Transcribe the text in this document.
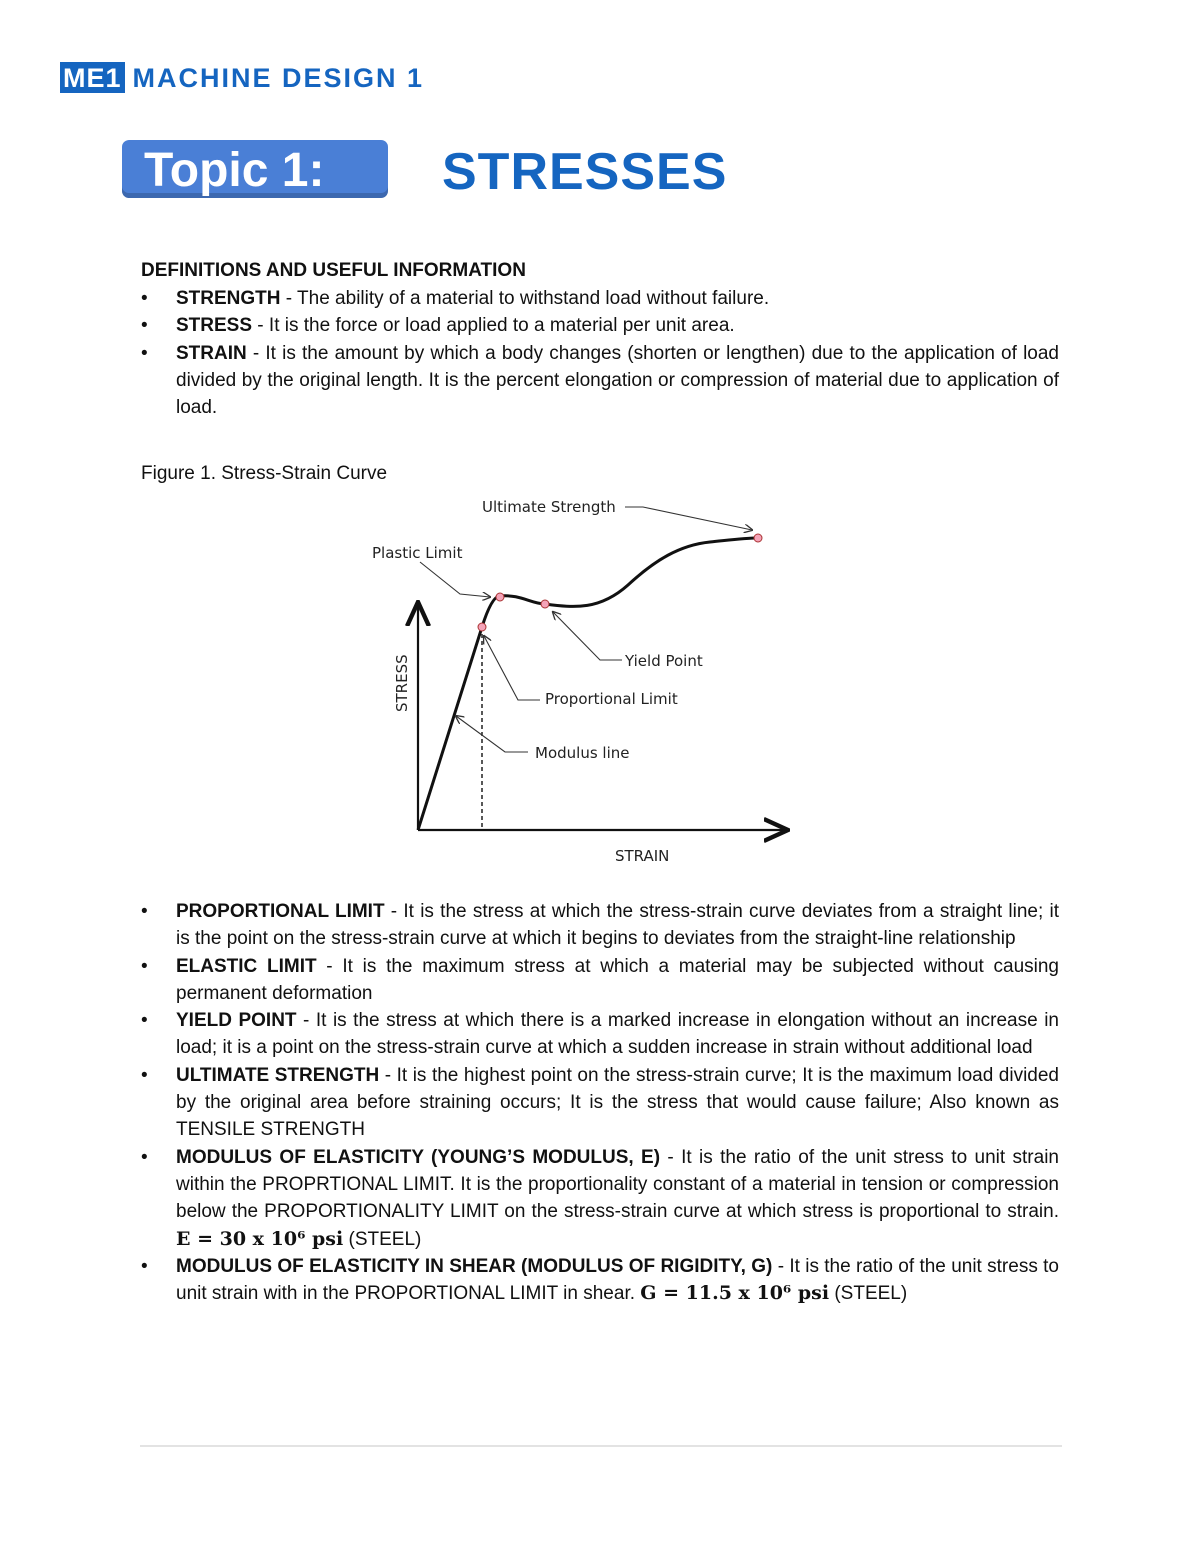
ME1 MACHINE DESIGN 1
Topic 1: STRESSES
DEFINITIONS AND USEFUL INFORMATION
• STRENGTH - The ability of a material to withstand load without failure.
• STRESS - It is the force or load applied to a material per unit area.
• STRAIN - It is the amount by which a body changes (shorten or lengthen) due to the application of load divided by the original length. It is the percent elongation or compression of material due to application of load.
Figure 1. Stress-Strain Curve
Ultimate Strength
Plastic Limit
Yield Point
Proportional Limit
Modulus line
STRESS
STRAIN
• PROPORTIONAL LIMIT - It is the stress at which the stress-strain curve deviates from a straight line; it is the point on the stress-strain curve at which it begins to deviates from the straight-line relationship
• ELASTIC LIMIT - It is the maximum stress at which a material may be subjected without causing permanent deformation
• YIELD POINT - It is the stress at which there is a marked increase in elongation without an increase in load; it is a point on the stress-strain curve at which a sudden increase in strain without additional load
• ULTIMATE STRENGTH - It is the highest point on the stress-strain curve; It is the maximum load divided by the original area before straining occurs; It is the stress that would cause failure; Also known as TENSILE STRENGTH
• MODULUS OF ELASTICITY (YOUNG’S MODULUS, E) - It is the ratio of the unit stress to unit strain within the PROPRTIONAL LIMIT. It is the proportionality constant of a material in tension or compression below the PROPORTIONALITY LIMIT on the stress-strain curve at which stress is proportional to strain. E = 30 x 10⁶ psi (STEEL)
• MODULUS OF ELASTICITY IN SHEAR (MODULUS OF RIGIDITY, G) - It is the ratio of the unit stress to unit strain with in the PROPORTIONAL LIMIT in shear. G = 11.5 x 10⁶ psi (STEEL)
